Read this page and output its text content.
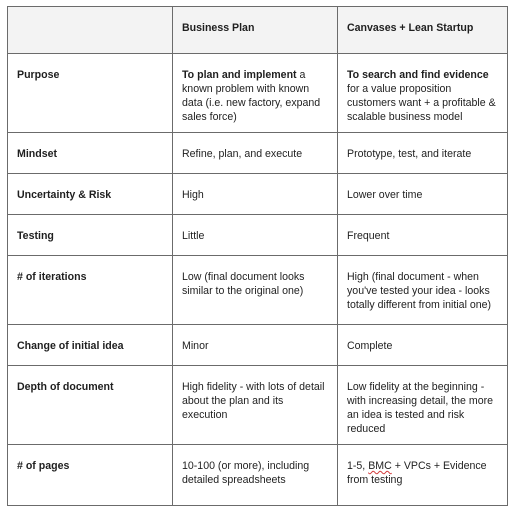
	Business Plan	Canvases + Lean Startup
Purpose	To plan and implement a known problem with known data (i.e. new factory, expand sales force)	To search and find evidence for a value proposition customers want + a profitable & scalable business model
Mindset	Refine, plan, and execute	Prototype, test, and iterate
Uncertainty & Risk	High	Lower over time
Testing	Little	Frequent
# of iterations	Low (final document looks similar to the original one)	High (final document - when you've tested your idea - looks totally different from initial one)
Change of initial idea	Minor	Complete
Depth of document	High fidelity - with lots of detail about the plan and its execution	Low fidelity at the beginning - with increasing detail, the more an idea is tested and risk reduced
# of pages	10-100 (or more), including detailed spreadsheets	1-5, BMC + VPCs + Evidence from testing
